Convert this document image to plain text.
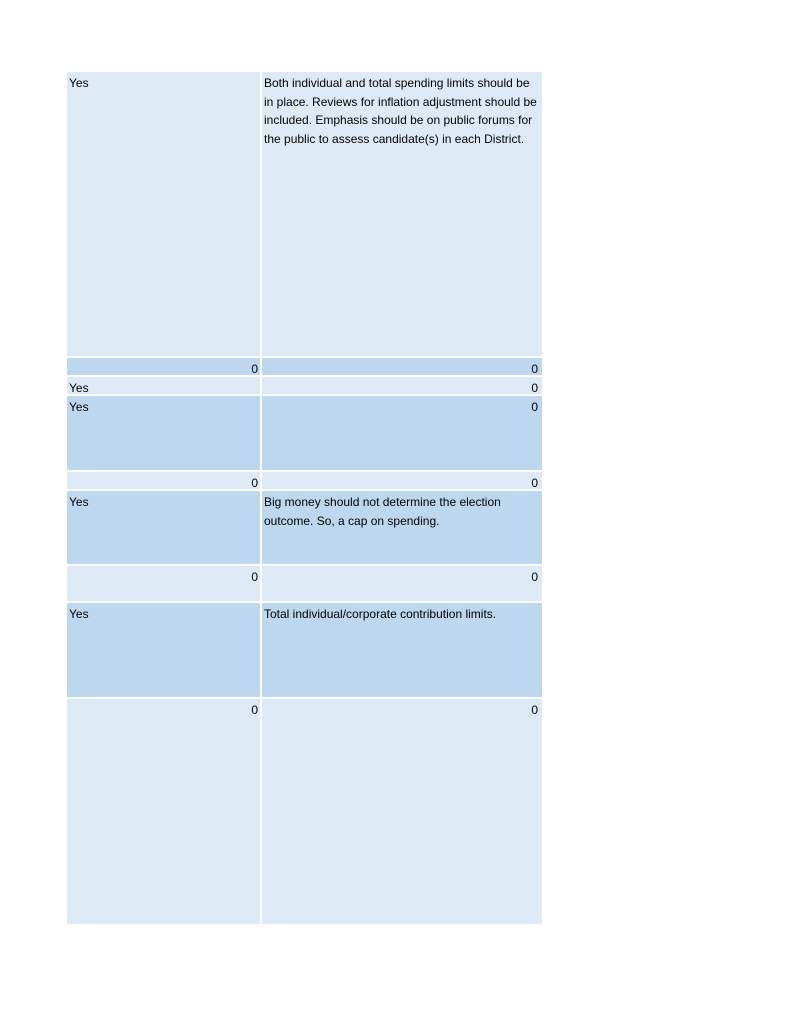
Yes	Both individual and total spending limits should be in place. Reviews for inflation adjustment should be included. Emphasis should be on public forums for the public to assess candidate(s) in each District.
0	0
Yes	0
Yes	0
0	0
Yes	Big money should not determine the election outcome. So, a cap on spending.
0	0
Yes	Total individual/corporate contribution limits.
0	0
